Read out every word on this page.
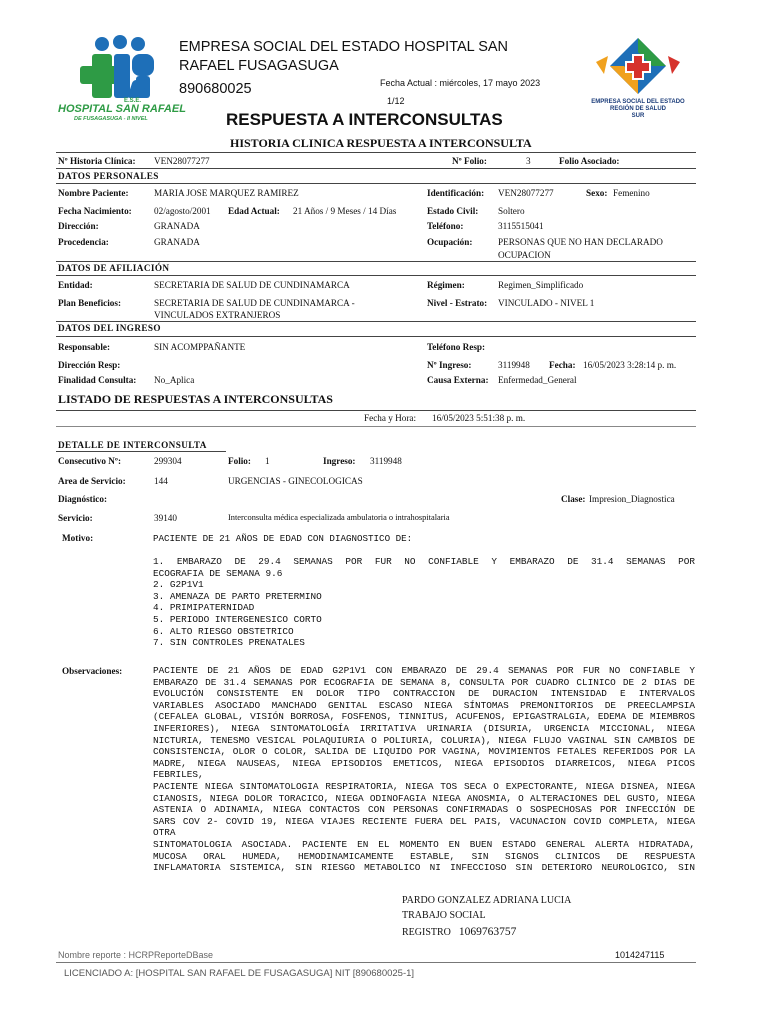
E.S.E.
HOSPITAL SAN RAFAEL
DE FUSAGASUGA - II NIVEL
EMPRESA SOCIAL DEL ESTADO HOSPITAL SAN
RAFAEL FUSAGASUGA
890680025	Fecha Actual : miércoles, 17 mayo 2023
1/12	EMPRESA SOCIAL DEL ESTADO
REGIÓN DE SALUD
SUR
RESPUESTA A INTERCONSULTAS
HISTORIA CLINICA RESPUESTA A INTERCONSULTA
Nº Historia Clínica: VEN28077277	Nº Folio:	3	Folio Asociado:
DATOS PERSONALES
Nombre Paciente:	MARIA JOSE MARQUEZ RAMIREZ	Identificación: VEN28077277	Sexo: Femenino
Fecha Nacimiento: 02/agosto/2001 Edad Actual: 21 Años / 9 Meses / 14 Días	Estado Civil: Soltero
Dirección:	GRANADA	Teléfono:	3115515041
Procedencia:	GRANADA	Ocupación:	PERSONAS QUE NO HAN DECLARADO
OCUPACION
DATOS DE AFILIACIÓN
Entidad:	SECRETARIA DE SALUD DE CUNDINAMARCA	Régimen:	Regimen_Simplificado
Plan Beneficios:	SECRETARIA DE SALUD DE CUNDINAMARCA -
VINCULADOS EXTRANJEROS
Nivel - Estrato: VINCULADO - NIVEL 1
DATOS DEL INGRESO
Responsable:	SIN ACOMPPAÑANTE	Teléfono Resp:
Dirección Resp:	Nº Ingreso:	3119948 Fecha: 16/05/2023 3:28:14 p. m.
Finalidad Consulta: No_Aplica	Causa Externa: Enfermedad_General
LISTADO DE RESPUESTAS A INTERCONSULTAS
Fecha y Hora: 16/05/2023 5:51:38 p. m.
DETALLE DE INTERCONSULTA
Consecutivo Nº:	299304	Folio: 1	Ingreso: 3119948
Area de Servicio:	144	URGENCIAS - GINECOLOGICAS
Diagnóstico:	Clase: Impresion_Diagnostica
Servicio:	39140	Interconsulta médica especializada ambulatoria o intrahospitalaria
Motivo:	PACIENTE DE 21 AÑOS DE EDAD CON DIAGNOSTICO DE:
1. EMBARAZO DE 29.4 SEMANAS POR FUR NO CONFIABLE Y EMBARAZO DE 31.4 SEMANAS POR
ECOGRAFIA DE SEMANA 9.6
2. G2P1V1
3. AMENAZA DE PARTO PRETERMINO
4. PRIMIPATERNIDAD
5. PERIODO INTERGENESICO CORTO
6. ALTO RIESGO OBSTETRICO
7. SIN CONTROLES PRENATALES
Observaciones:	PACIENTE DE 21 AÑOS DE EDAD G2P1V1 CON EMBARAZO DE 29.4 SEMANAS POR FUR NO CONFIABLE Y
EMBARAZO DE 31.4 SEMANAS POR ECOGRAFIA DE SEMANA 8, CONSULTA POR CUADRO CLINICO DE 2 DIAS DE
EVOLUCIÓN CONSISTENTE EN DOLOR TIPO CONTRACCION DE DURACION INTENSIDAD E INTERVALOS
VARIABLES ASOCIADO MANCHADO GENITAL ESCASO NIEGA SÍNTOMAS PREMONITORIOS DE PREECLAMPSIA
(CEFALEA GLOBAL, VISIÓN BORROSA, FOSFENOS, TINNITUS, ACUFENOS, EPIGASTRALGIA, EDEMA DE MIEMBROS
INFERIORES), NIEGA SINTOMATOLOGÍA IRRITATIVA URINARIA (DISURIA, URGENCIA MICCIONAL, NIEGA
NICTURIA, TENESMO VESICAL POLAQUIURIA O POLIURIA, COLURIA), NIEGA FLUJO VAGINAL SIN CAMBIOS DE
CONSISTENCIA, OLOR O COLOR, SALIDA DE LIQUIDO POR VAGINA, MOVIMIENTOS FETALES REFERIDOS POR LA
MADRE, NIEGA NAUSEAS, NIEGA EPISODIOS EMETICOS, NIEGA EPISODIOS DIARREICOS, NIEGA PICOS FEBRILES,
PACIENTE NIEGA SINTOMATOLOGIA RESPIRATORIA, NIEGA TOS SECA O EXPECTORANTE, NIEGA DISNEA, NIEGA
CIANOSIS, NIEGA DOLOR TORACICO, NIEGA ODINOFAGIA NIEGA ANOSMIA, O ALTERACIONES DEL GUSTO, NIEGA
ASTENIA O ADINAMIA, NIEGA CONTACTOS CON PERSONAS CONFIRMADAS O SOSPECHOSAS POR INFECCIÓN DE
SARS COV 2- COVID 19, NIEGA VIAJES RECIENTE FUERA DEL PAIS, VACUNACION COVID COMPLETA, NIEGA OTRA
SINTOMATOLOGIA ASOCIADA. PACIENTE EN EL MOMENTO EN BUEN ESTADO GENERAL ALERTA HIDRATADA,
MUCOSA ORAL HUMEDA, HEMODINAMICAMENTE ESTABLE, SIN SIGNOS CLINICOS DE RESPUESTA
INFLAMATORIA SISTEMICA, SIN RIESGO METABOLICO NI INFECCIOSO SIN DETERIORO NEUROLOGICO, SIN
PARDO GONZALEZ ADRIANA LUCIA
TRABAJO SOCIAL
REGISTRO 1069763757
Nombre reporte : HCRPReporteDBase	1014247115
LICENCIADO A: [HOSPITAL SAN RAFAEL DE FUSAGASUGA] NIT [890680025-1]
